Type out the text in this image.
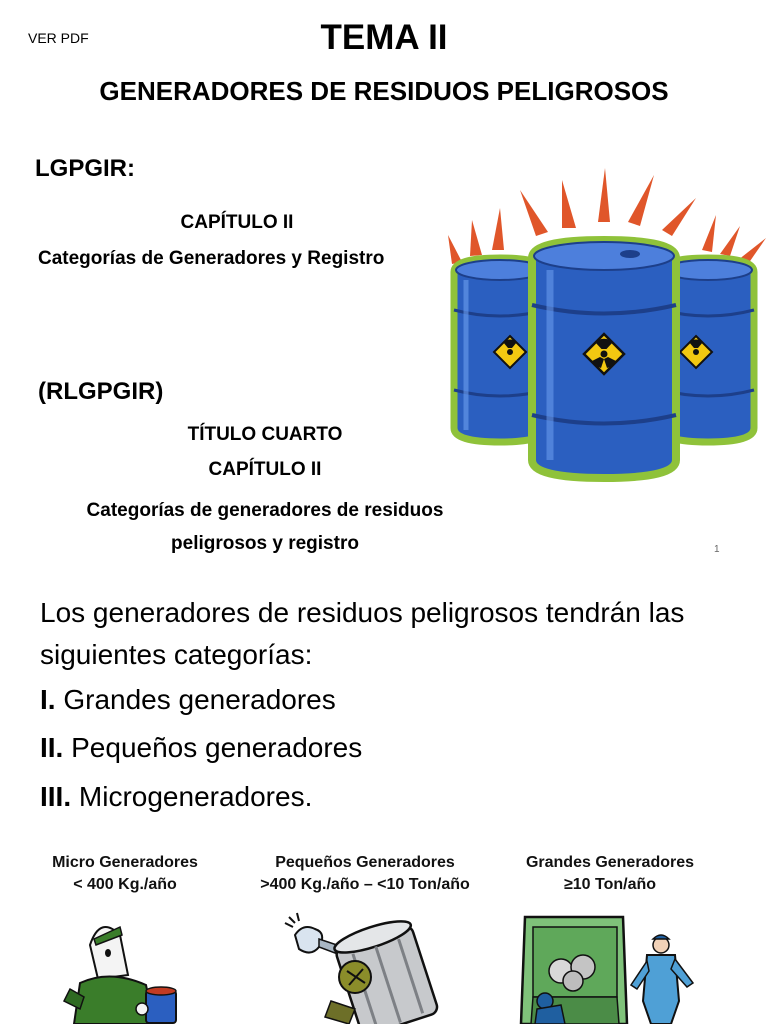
VER PDF	TEMA II
GENERADORES DE RESIDUOS PELIGROSOS
LGPGIR:
CAPÍTULO II
Categorías de Generadores y Registro
(RLGPGIR)
TÍTULO CUARTO
CAPÍTULO II
Categorías de generadores de residuos
peligrosos y registro	1
Los generadores de residuos peligrosos tendrán las siguientes categorías:
I. Grandes generadores
II. Pequeños generadores
III. Microgeneradores.
Micro Generadores
< 400 Kg./año
Pequeños Generadores
>400 Kg./año – <10 Ton/año
Grandes Generadores
≥10 Ton/año
